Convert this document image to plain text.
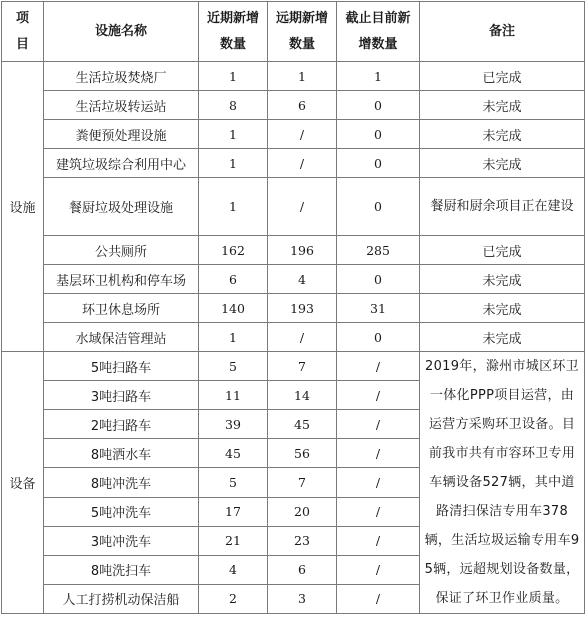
项目	设施名称	近期新增数量	远期新增数量	截止目前新增数量	备注
设施	生活垃圾焚烧厂	1	1	1	已完成
	生活垃圾转运站	8	6	0	未完成
	粪便预处理设施	1	/	0	未完成
	建筑垃圾综合利用中心	1	/	0	未完成
	餐厨垃圾处理设施	1	/	0	餐厨和厨余项目正在建设
	公共厕所	162	196	285	已完成
	基层环卫机构和停车场	6	4	0	未完成
	环卫休息场所	140	193	31	未完成
	水域保洁管理站	1	/	0	未完成
设备	5吨扫路车	5	7	/	2019年，滁州市城区环卫一体化PPP项目运营，由运营方采购环卫设备。目前我市共有市容环卫专用车辆设备527辆，其中道路清扫保洁专用车378辆，生活垃圾运输专用车95辆，远超规划设备数量，保证了环卫作业质量。
	3吨扫路车	11	14	/	
	2吨扫路车	39	45	/	
	8吨洒水车	45	56	/	
	8吨冲洗车	5	7	/	
	5吨冲洗车	17	20	/	
	3吨冲洗车	21	23	/	
	8吨洗扫车	4	6	/	
	人工打捞机动保洁船	2	3	/	
